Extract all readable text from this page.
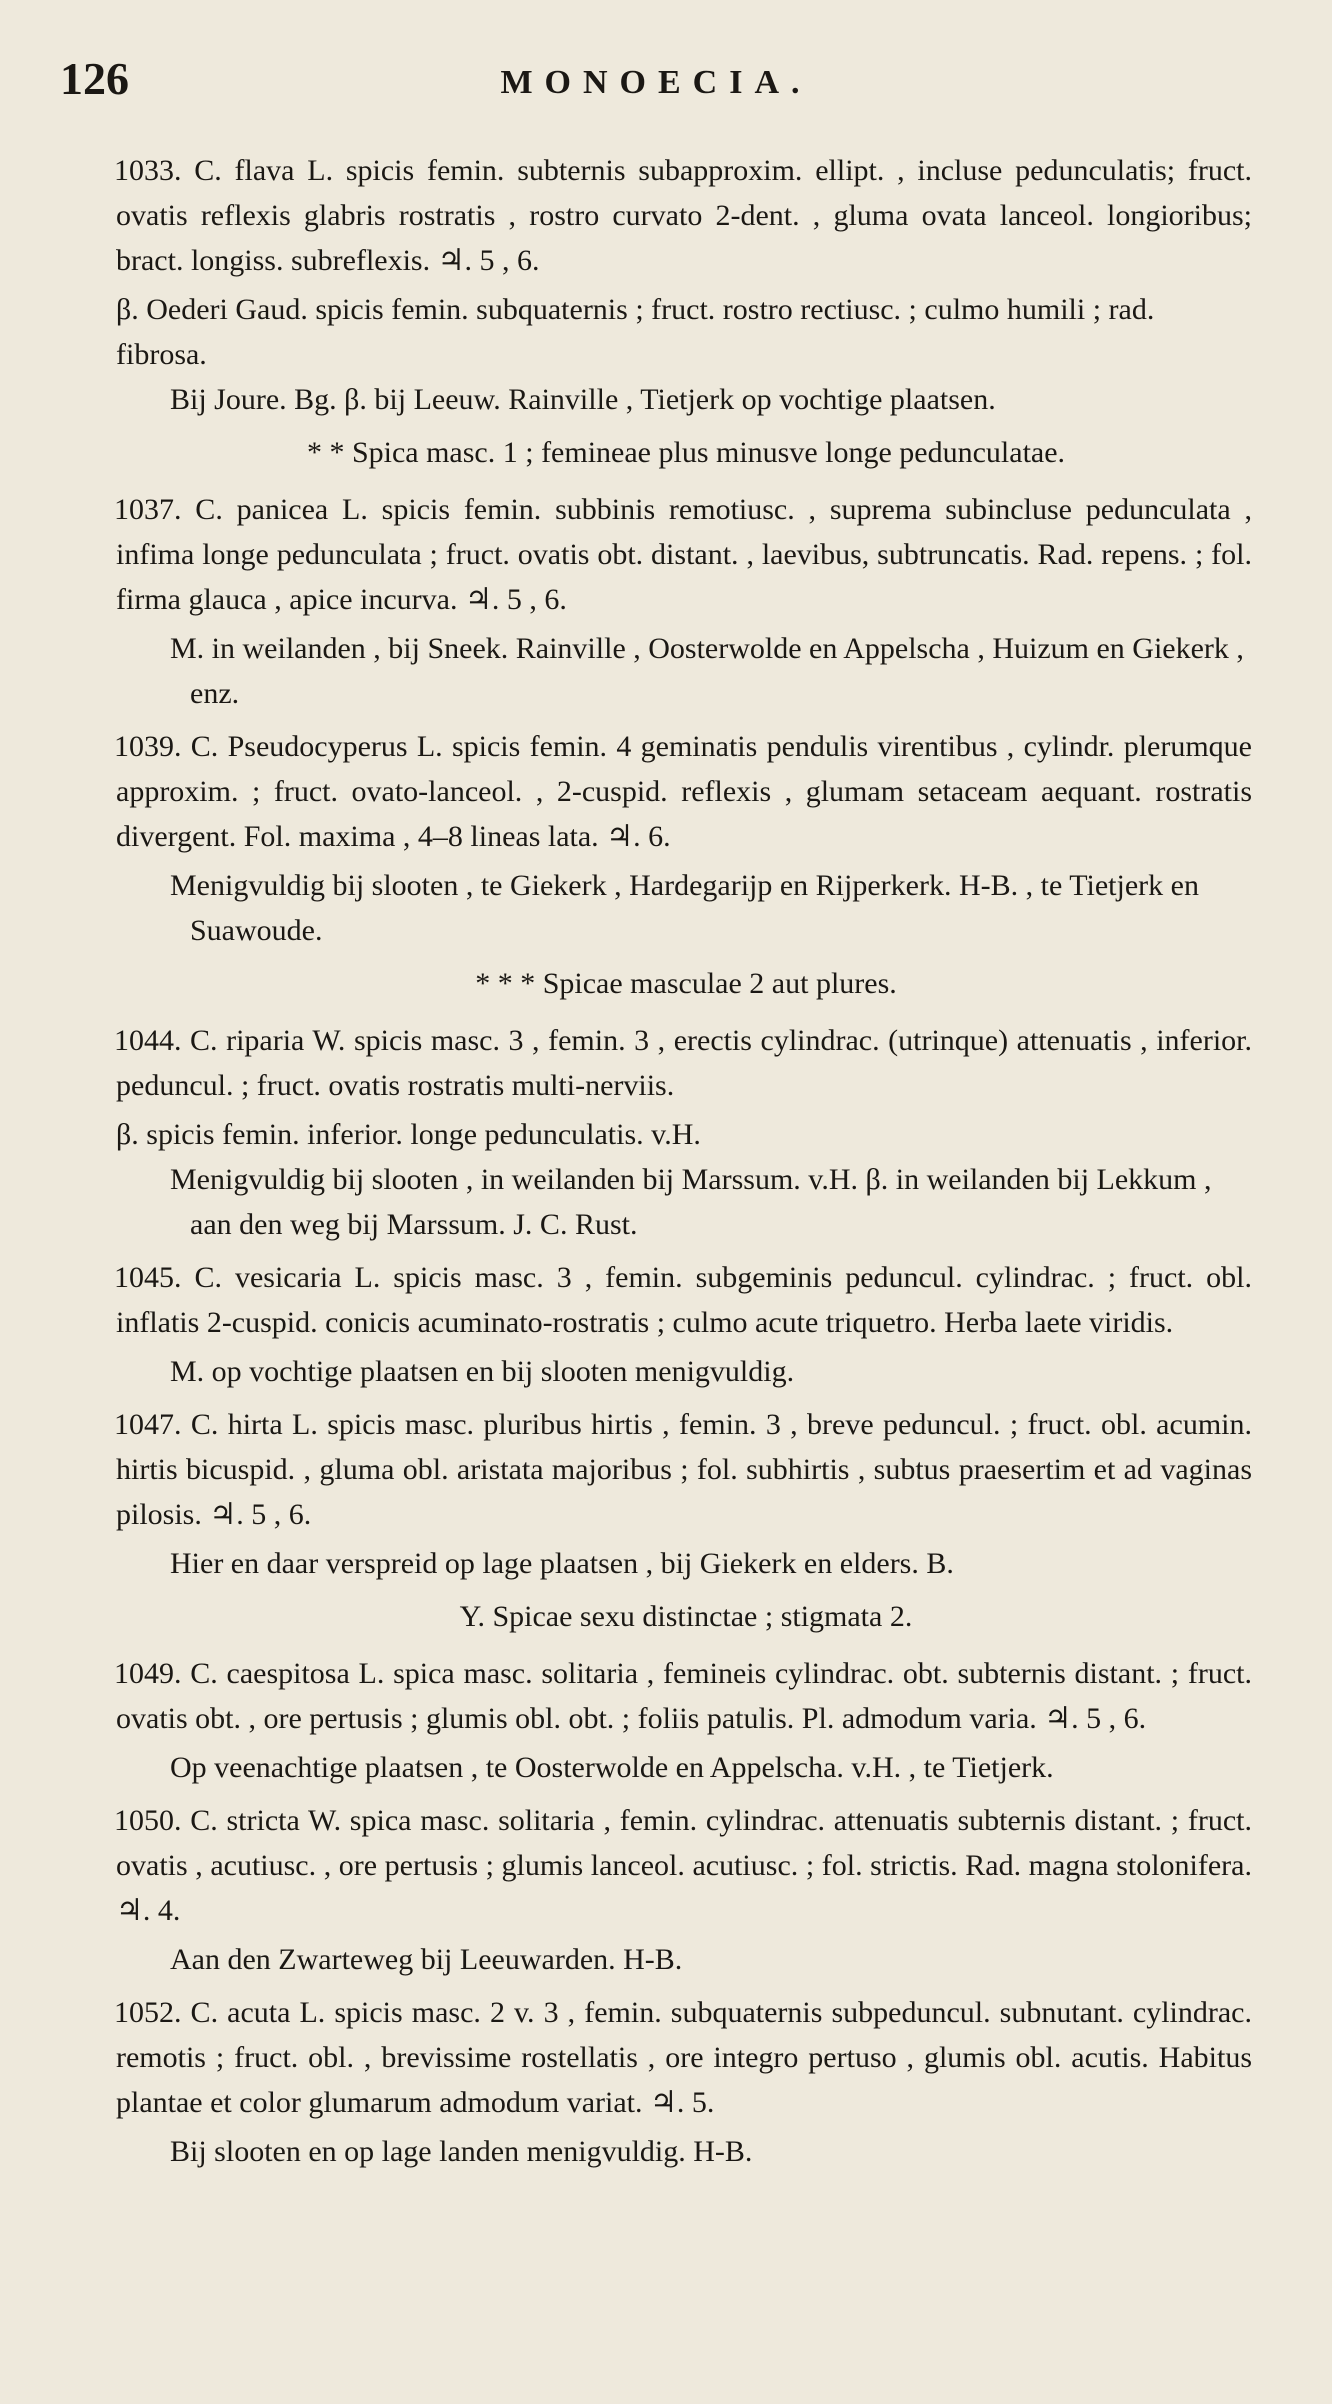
126	MONOECIA.
1033. C. flava L. spicis femin. subternis subapproxim. ellipt. , incluse pedunculatis; fruct. ovatis reflexis glabris rostratis , rostro curvato 2-dent. , gluma ovata lanceol. longioribus; bract. longiss. subreflexis. ♃. 5 , 6.
β. Oederi Gaud. spicis femin. subquaternis ; fruct. rostro rectiusc. ; culmo humili ; rad. fibrosa.
Bij Joure. Bg. β. bij Leeuw. Rainville , Tietjerk op vochtige plaatsen.
* * Spica masc. 1 ; femineae plus minusve longe pedunculatae.
1037. C. panicea L. spicis femin. subbinis remotiusc. , suprema subincluse pedunculata , infima longe pedunculata ; fruct. ovatis obt. distant. , laevibus, subtruncatis. Rad. repens. ; fol. firma glauca , apice incurva. ♃. 5 , 6.
M. in weilanden , bij Sneek. Rainville , Oosterwolde en Appelscha , Huizum en Giekerk , enz.
1039. C. Pseudocyperus L. spicis femin. 4 geminatis pendulis virentibus , cylindr. plerumque approxim. ; fruct. ovato-lanceol. , 2-cuspid. reflexis , glumam setaceam aequant. rostratis divergent. Fol. maxima , 4–8 lineas lata. ♃. 6.
Menigvuldig bij slooten , te Giekerk , Hardegarijp en Rijperkerk. H-B. , te Tietjerk en Suawoude.
* * * Spicae masculae 2 aut plures.
1044. C. riparia W. spicis masc. 3 , femin. 3 , erectis cylindrac. (utrinque) attenuatis , inferior. peduncul. ; fruct. ovatis rostratis multi-nerviis.
β. spicis femin. inferior. longe pedunculatis. v.H.
Menigvuldig bij slooten , in weilanden bij Marssum. v.H. β. in weilanden bij Lekkum , aan den weg bij Marssum. J. C. Rust.
1045. C. vesicaria L. spicis masc. 3 , femin. subgeminis peduncul. cylindrac. ; fruct. obl. inflatis 2-cuspid. conicis acuminato-rostratis ; culmo acute triquetro. Herba laete viridis.
M. op vochtige plaatsen en bij slooten menigvuldig.
1047. C. hirta L. spicis masc. pluribus hirtis , femin. 3 , breve peduncul. ; fruct. obl. acumin. hirtis bicuspid. , gluma obl. aristata majoribus ; fol. subhirtis , subtus praesertim et ad vaginas pilosis. ♃. 5 , 6.
Hier en daar verspreid op lage plaatsen , bij Giekerk en elders. B.
Y. Spicae sexu distinctae ; stigmata 2.
1049. C. caespitosa L. spica masc. solitaria , femineis cylindrac. obt. subternis distant. ; fruct. ovatis obt. , ore pertusis ; glumis obl. obt. ; foliis patulis. Pl. admodum varia. ♃. 5 , 6.
Op veenachtige plaatsen , te Oosterwolde en Appelscha. v.H. , te Tietjerk.
1050. C. stricta W. spica masc. solitaria , femin. cylindrac. attenuatis subternis distant. ; fruct. ovatis , acutiusc. , ore pertusis ; glumis lanceol. acutiusc. ; fol. strictis. Rad. magna stolonifera. ♃. 4.
Aan den Zwarteweg bij Leeuwarden. H-B.
1052. C. acuta L. spicis masc. 2 v. 3 , femin. subquaternis subpeduncul. subnutant. cylindrac. remotis ; fruct. obl. , brevissime rostellatis , ore integro pertuso , glumis obl. acutis. Habitus plantae et color glumarum admodum variat. ♃. 5.
Bij slooten en op lage landen menigvuldig. H-B.
